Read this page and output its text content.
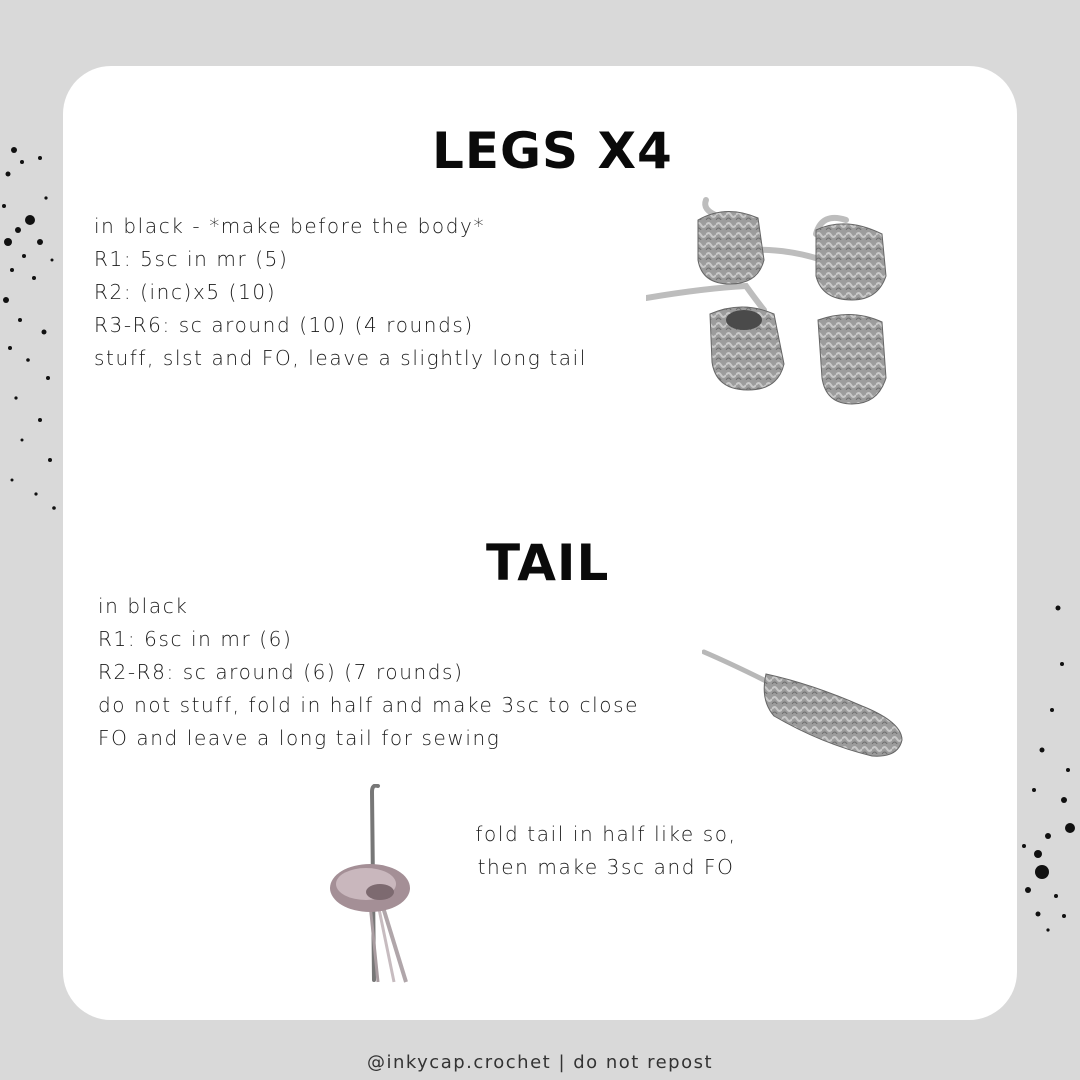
LEGS X4
in black - *make before the body*
R1: 5sc in mr (5)
R2: (inc)x5 (10)
R3-R6: sc around (10) (4 rounds)
stuff, slst and FO, leave a slightly long tail
TAIL
in black
R1: 6sc in mr (6)
R2-R8: sc around (6) (7 rounds)
do not stuff, fold in half and make 3sc to close
FO and leave a long tail for sewing
fold tail in half like so,
then make 3sc and FO
@inkycap.crochet | do not repost
